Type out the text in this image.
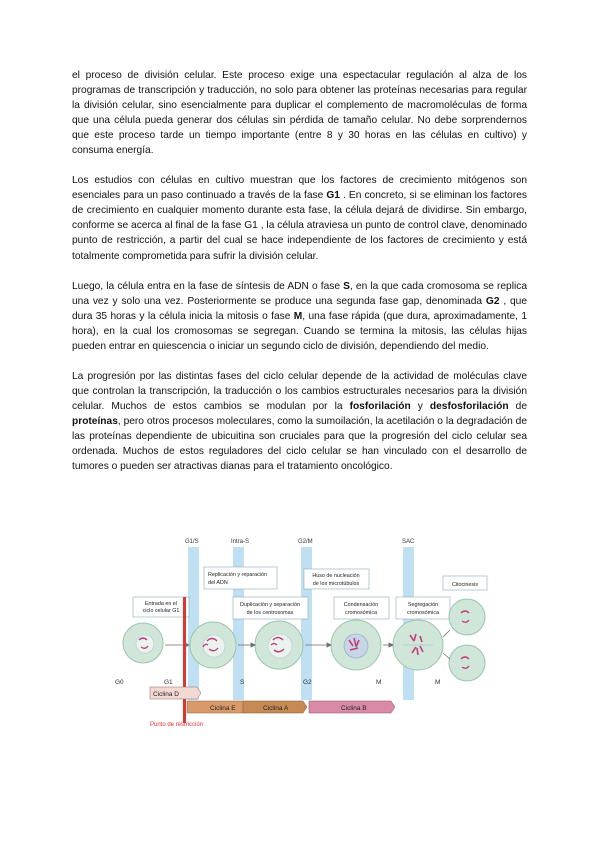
el proceso de división celular. Este proceso exige una espectacular regulación al alza de los programas de transcripción y traducción, no solo para obtener las proteínas necesarias para regular la división celular, sino esencialmente para duplicar el complemento de macromoléculas de forma que una célula pueda generar dos células sin pérdida de tamaño celular. No debe sorprendernos que este proceso tarde un tiempo importante (entre 8 y 30 horas en las células en cultivo) y consuma energía.

Los estudios con células en cultivo muestran que los factores de crecimiento mitógenos son esenciales para un paso continuado a través de la fase G1 . En concreto, si se eliminan los factores de crecimiento en cualquier momento durante esta fase, la célula dejará de dividirse. Sin embargo, conforme se acerca al final de la fase G1 , la célula atraviesa un punto de control clave, denominado punto de restricción, a partir del cual se hace independiente de los factores de crecimiento y está totalmente comprometida para sufrir la división celular.

Luego, la célula entra en la fase de síntesis de ADN o fase S, en la que cada cromosoma se replica una vez y solo una vez. Posteriormente se produce una segunda fase gap, denominada G2 , que dura 35 horas y la célula inicia la mitosis o fase M, una fase rápida (que dura, aproximadamente, 1 hora), en la cual los cromosomas se segregan. Cuando se termina la mitosis, las células hijas pueden entrar en quiescencia o iniciar un segundo ciclo de división, dependiendo del medio.

La progresión por las distintas fases del ciclo celular depende de la actividad de moléculas clave que controlan la transcripción, la traducción o los cambios estructurales necesarios para la división celular. Muchos de estos cambios se modulan por la fosforilación y desfosforilación de proteínas, pero otros procesos moleculares, como la sumoilación, la acetilación o la degradación de las proteínas dependiente de ubicuitina son cruciales para que la progresión del ciclo celular sea ordenada. Muchos de estos reguladores del ciclo celular se han vinculado con el desarrollo de tumores o pueden ser atractivas dianas para el tratamiento oncológico.

G1/S	Intra-S	G2/M	SAC
Entrada en el
ciclo celular G1
Replicación y reparación
del ADN
Duplicación y separación
de los centrosomas
Huso de nucleación
de los microtúbulos
Condensación
cromosómica
Segregación
cromosómica
Citocinesis
G0	G1	S	G2	M	M
Ciclina D
Ciclina E	Ciclina A	Ciclina B
Punto de restricción
